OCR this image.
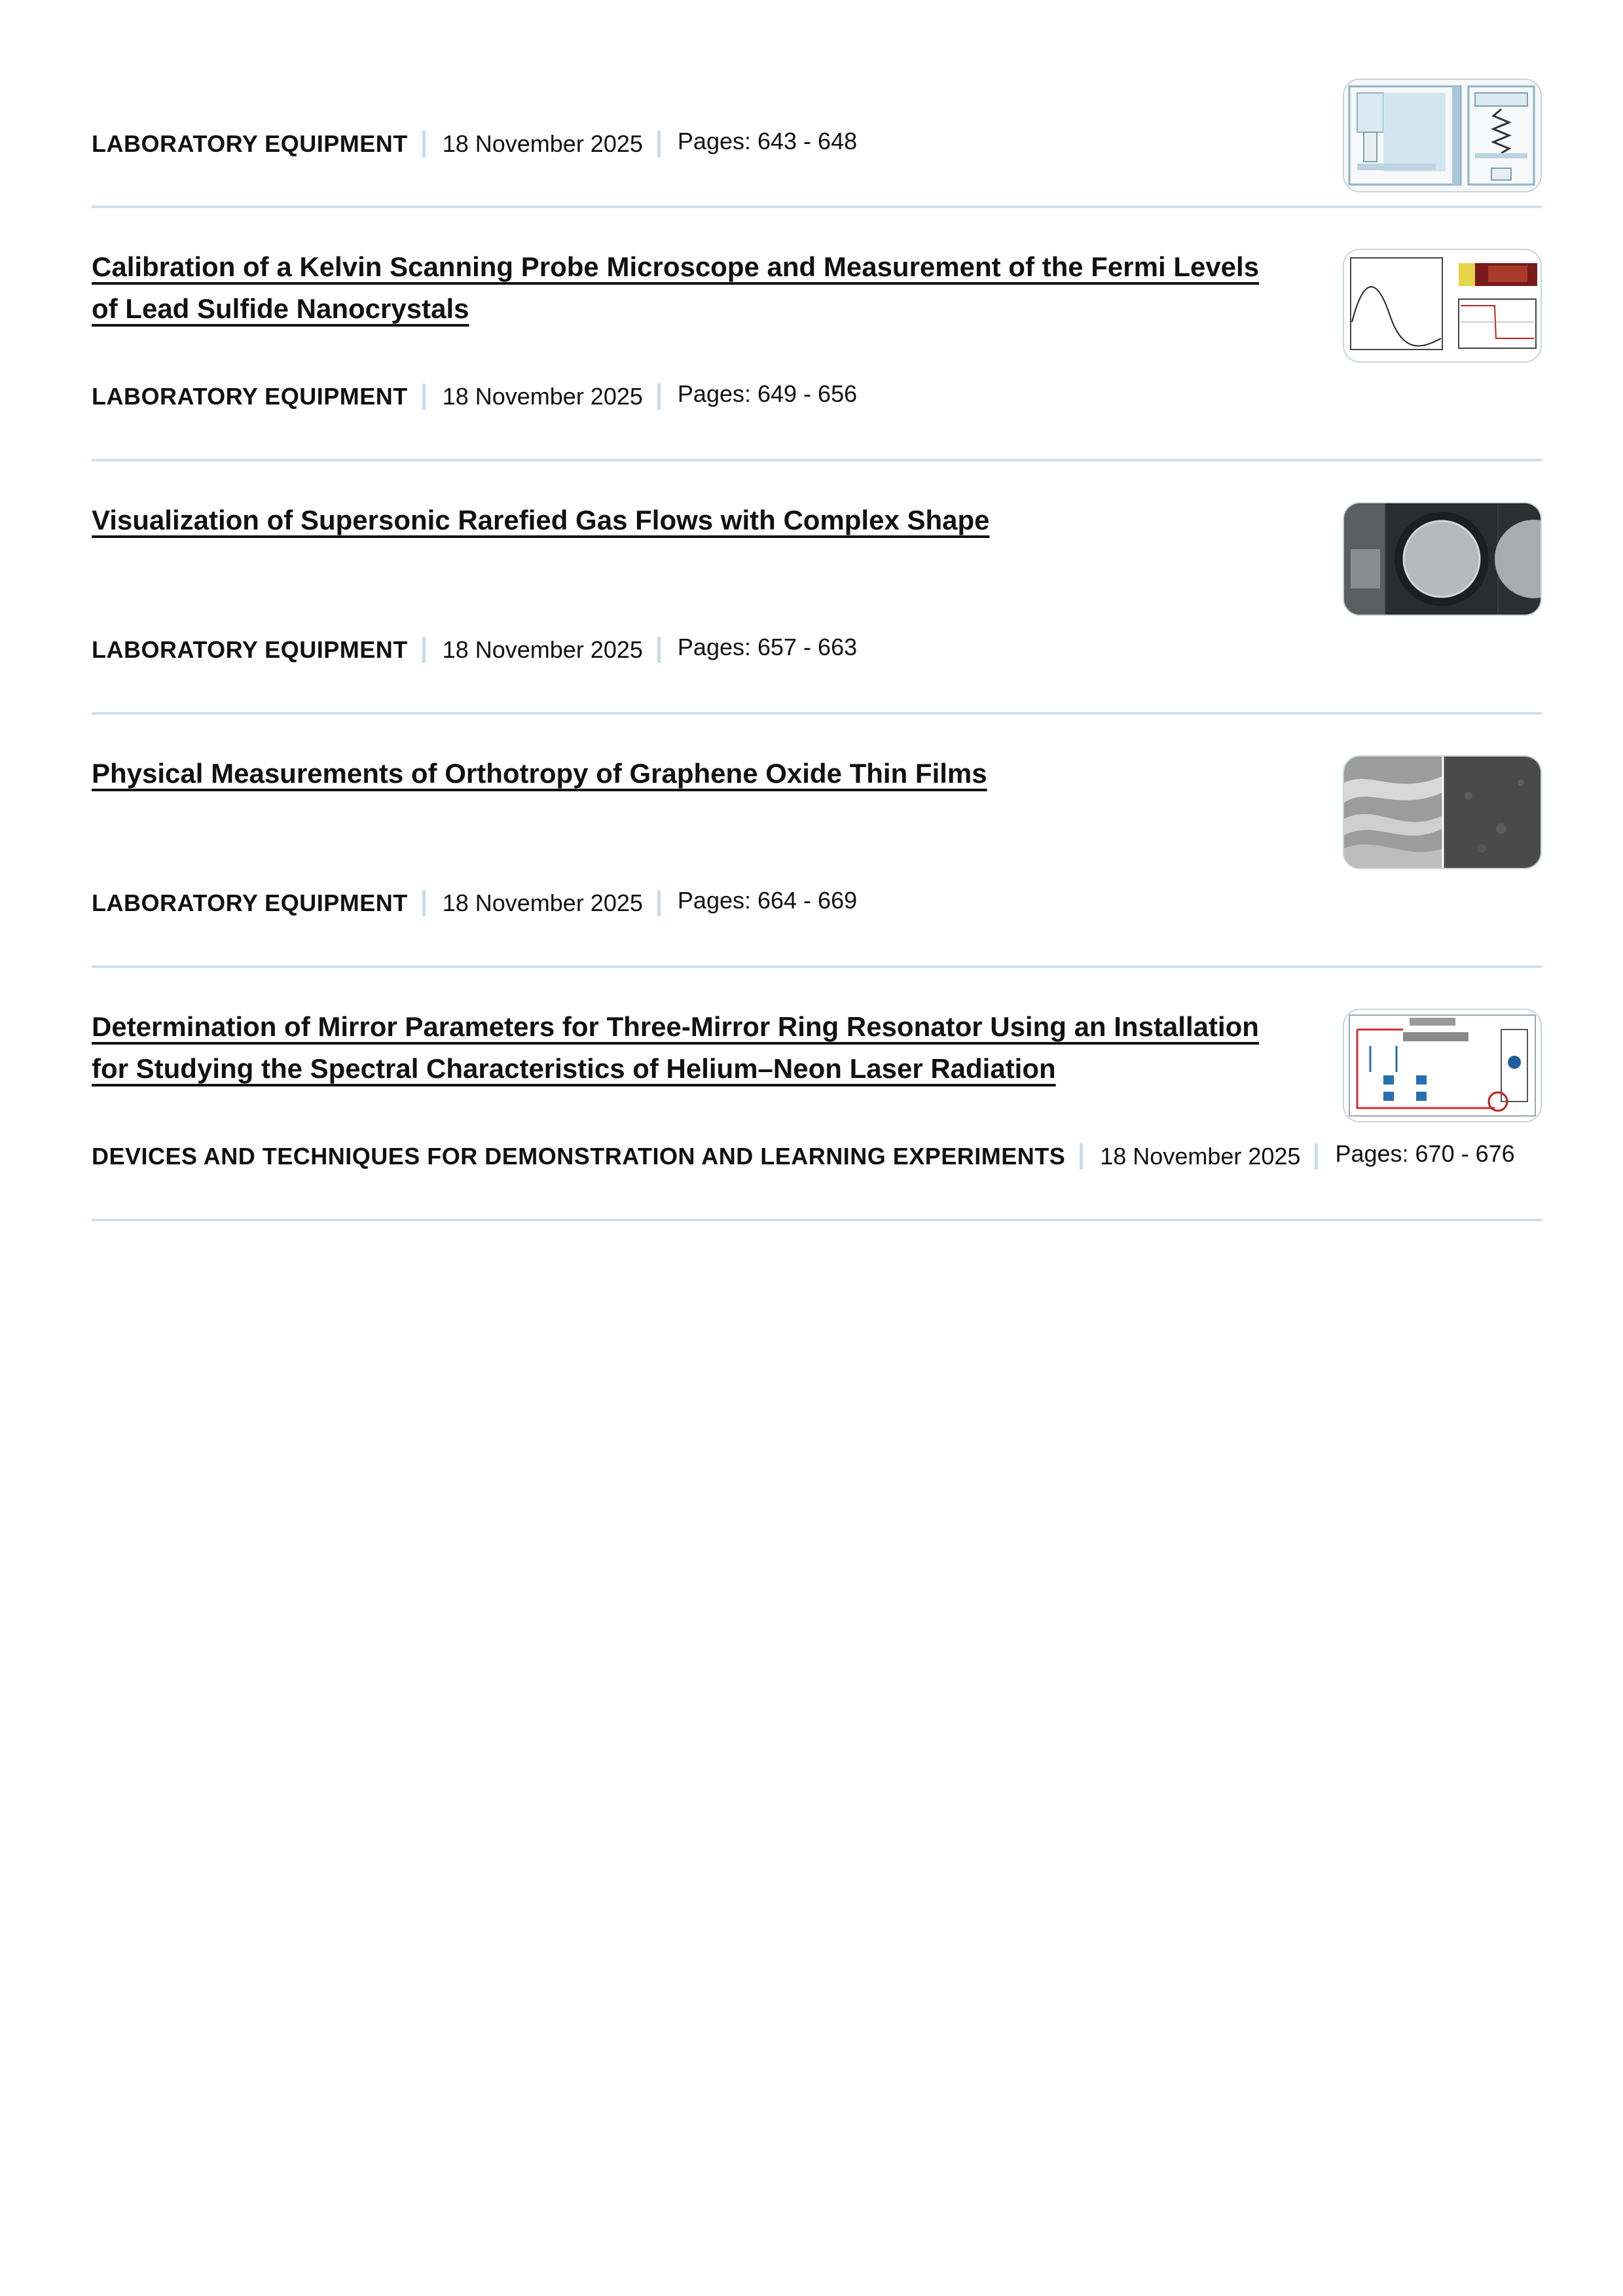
LABORATORY EQUIPMENT 18 November 2025 Pages: 643 - 648
Calibration of a Kelvin Scanning Probe Microscope and Measurement of the Fermi Levels of Lead Sulfide Nanocrystals
LABORATORY EQUIPMENT 18 November 2025 Pages: 649 - 656
Visualization of Supersonic Rarefied Gas Flows with Complex Shape
LABORATORY EQUIPMENT 18 November 2025 Pages: 657 - 663
Physical Measurements of Orthotropy of Graphene Oxide Thin Films
LABORATORY EQUIPMENT 18 November 2025 Pages: 664 - 669
Determination of Mirror Parameters for Three-Mirror Ring Resonator Using an Installation for Studying the Spectral Characteristics of Helium–Neon Laser Radiation
DEVICES AND TECHNIQUES FOR DEMONSTRATION AND LEARNING EXPERIMENTS 18 November 2025 Pages: 670 - 676
